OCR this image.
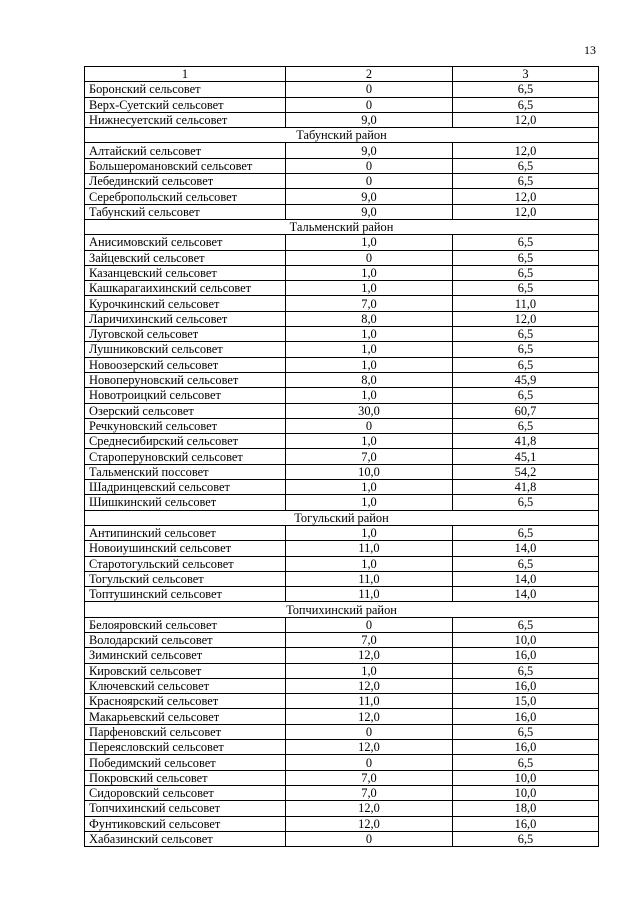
13
1	2	3
Боронский сельсовет	0	6,5
Верх-Суетский сельсовет	0	6,5
Нижнесуетский сельсовет	9,0	12,0
Табунский район		
Алтайский сельсовет	9,0	12,0
Большеромановский сельсовет	0	6,5
Лебединский сельсовет	0	6,5
Серебропольский сельсовет	9,0	12,0
Табунский сельсовет	9,0	12,0
Тальменский район		
Анисимовский сельсовет	1,0	6,5
Зайцевский сельсовет	0	6,5
Казанцевский сельсовет	1,0	6,5
Кашкарагаихинский сельсовет	1,0	6,5
Курочкинский сельсовет	7,0	11,0
Ларичихинский сельсовет	8,0	12,0
Луговской сельсовет	1,0	6,5
Лушниковский сельсовет	1,0	6,5
Новоозерский сельсовет	1,0	6,5
Новоперуновский сельсовет	8,0	45,9
Новотроицкий сельсовет	1,0	6,5
Озерский сельсовет	30,0	60,7
Речкуновский сельсовет	0	6,5
Среднесибирский сельсовет	1,0	41,8
Староперуновский сельсовет	7,0	45,1
Тальменский поссовет	10,0	54,2
Шадринцевский сельсовет	1,0	41,8
Шишкинский сельсовет	1,0	6,5
Тогульский район		
Антипинский сельсовет	1,0	6,5
Новоиушинский сельсовет	11,0	14,0
Старотогульский сельсовет	1,0	6,5
Тогульский сельсовет	11,0	14,0
Топтушинский сельсовет	11,0	14,0
Топчихинский район		
Белояровский сельсовет	0	6,5
Володарский сельсовет	7,0	10,0
Зиминский сельсовет	12,0	16,0
Кировский сельсовет	1,0	6,5
Ключевский сельсовет	12,0	16,0
Красноярский сельсовет	11,0	15,0
Макарьевский сельсовет	12,0	16,0
Парфеновский сельсовет	0	6,5
Переясловский сельсовет	12,0	16,0
Победимский сельсовет	0	6,5
Покровский сельсовет	7,0	10,0
Сидоровский сельсовет	7,0	10,0
Топчихинский сельсовет	12,0	18,0
Фунтиковский сельсовет	12,0	16,0
Хабазинский сельсовет	0	6,5
